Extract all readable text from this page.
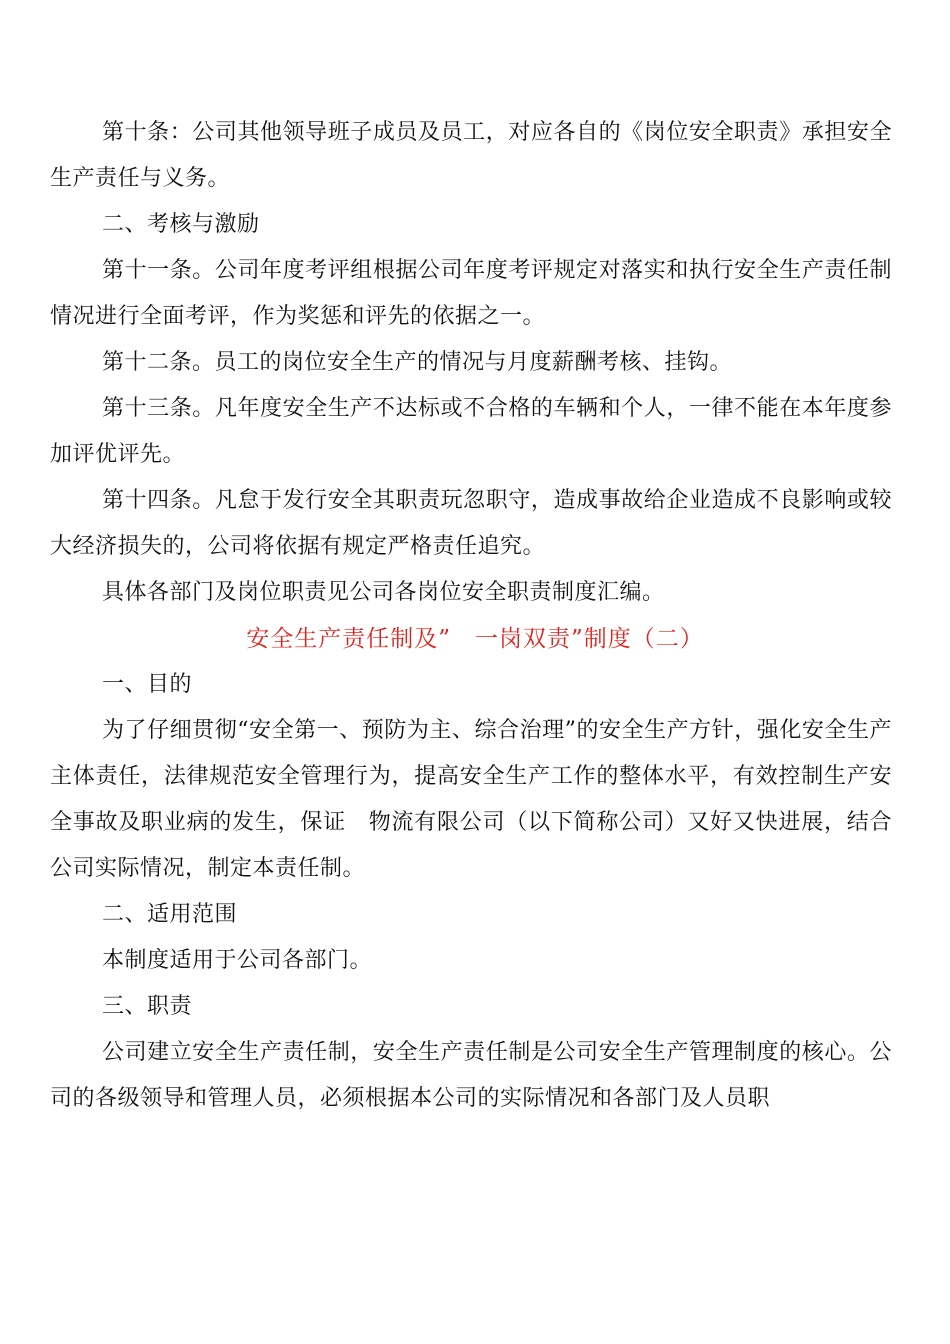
第十条：公司其他领导班子成员及员工，对应各自的《岗位安全职责》承担安全生产责任与义务。

二、考核与激励

第十一条。公司年度考评组根据公司年度考评规定对落实和执行安全生产责任制情况进行全面考评，作为奖惩和评先的依据之一。

第十二条。员工的岗位安全生产的情况与月度薪酬考核、挂钩。

第十三条。凡年度安全生产不达标或不合格的车辆和个人，一律不能在本年度参加评优评先。

第十四条。凡怠于发行安全其职责玩忽职守，造成事故给企业造成不良影响或较大经济损失的，公司将依据有规定严格责任追究。

具体各部门及岗位职责见公司各岗位安全职责制度汇编。

安全生产责任制及”　一岗双责”制度（二）

一、目的

为了仔细贯彻“安全第一、预防为主、综合治理”的安全生产方针，强化安全生产主体责任，法律规范安全管理行为，提高安全生产工作的整体水平，有效控制生产安全事故及职业病的发生，保证　物流有限公司（以下简称公司）又好又快进展，结合公司实际情况，制定本责任制。

二、适用范围

本制度适用于公司各部门。

三、职责

公司建立安全生产责任制，安全生产责任制是公司安全生产管理制度的核心。公司的各级领导和管理人员，必须根据本公司的实际情况和各部门及人员职
